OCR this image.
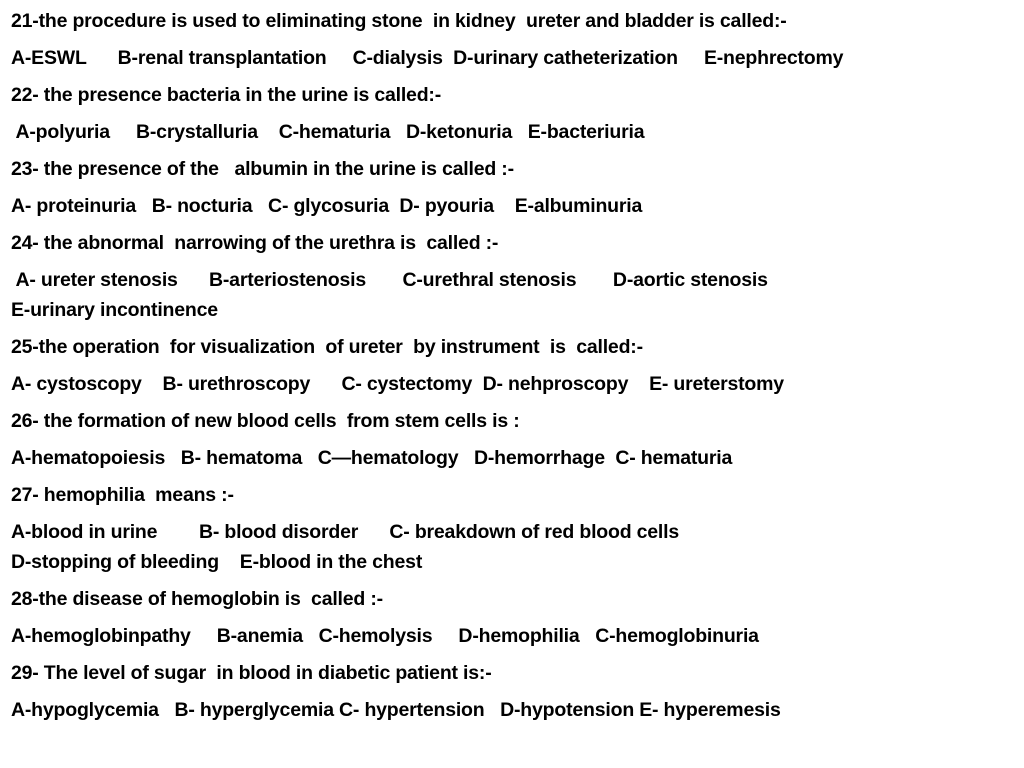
21-the procedure is used to eliminating stone  in kidney  ureter and bladder is called:-
A-ESWL      B-renal transplantation     C-dialysis  D-urinary catheterization     E-nephrectomy
22- the presence bacteria in the urine is called:-
A-polyuria     B-crystalluria    C-hematuria   D-ketonuria   E-bacteriuria
23- the presence of the   albumin in the urine is called :-
A- proteinuria   B- nocturia   C- glycosuria  D- pyouria    E-albuminuria
24- the abnormal  narrowing of the urethra is  called :-
A- ureter stenosis      B-arteriostenosis       C-urethral stenosis       D-aortic stenosis
E-urinary incontinence
25-the operation  for visualization  of ureter  by instrument  is  called:-
A- cystoscopy    B- urethroscopy      C- cystectomy  D- nehproscopy    E- ureterstomy
26- the formation of new blood cells  from stem cells is :
A-hematopoiesis   B- hematoma   C—hematology   D-hemorrhage  C- hematuria
27- hemophilia  means :-
A-blood in urine        B- blood disorder      C- breakdown of red blood cells
D-stopping of bleeding    E-blood in the chest
28-the disease of hemoglobin is  called :-
A-hemoglobinpathy     B-anemia   C-hemolysis     D-hemophilia   C-hemoglobinuria
29- The level of sugar  in blood in diabetic patient is:-
A-hypoglycemia   B- hyperglycemia C- hypertension   D-hypotension E- hyperemesis
